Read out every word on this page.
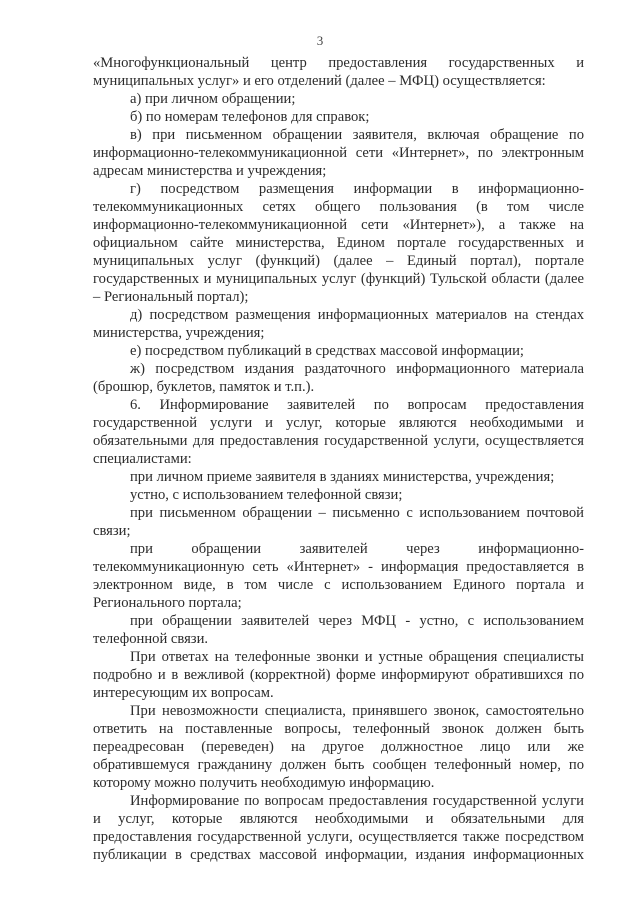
3

«Многофункциональный центр предоставления государственных и муниципальных услуг» и его отделений (далее – МФЦ) осуществляется:

а) при личном обращении;

б) по номерам телефонов для справок;

в) при письменном обращении заявителя, включая обращение по информационно-телекоммуникационной сети «Интернет», по электронным адресам министерства и учреждения;

г) посредством размещения информации в информационно-телекоммуникационных сетях общего пользования (в том числе информационно-телекоммуникационной сети «Интернет»), а также на официальном сайте министерства, Едином портале государственных и муниципальных услуг (функций) (далее – Единый портал), портале государственных и муниципальных услуг (функций) Тульской области (далее – Региональный портал);

д) посредством размещения информационных материалов на стендах министерства, учреждения;

е) посредством публикаций в средствах массовой информации;

ж) посредством издания раздаточного информационного материала (брошюр, буклетов, памяток и т.п.).

6. Информирование заявителей по вопросам предоставления государственной услуги и услуг, которые являются необходимыми и обязательными для предоставления государственной услуги, осуществляется специалистами:

при личном приеме заявителя в зданиях министерства, учреждения;

устно, с использованием телефонной связи;

при письменном обращении – письменно с использованием почтовой связи;

при обращении заявителей через информационно-телекоммуникационную сеть «Интернет» - информация предоставляется в электронном виде, в том числе с использованием Единого портала и Регионального портала;

при обращении заявителей через МФЦ - устно, с использованием телефонной связи.

При ответах на телефонные звонки и устные обращения специалисты подробно и в вежливой (корректной) форме информируют обратившихся по интересующим их вопросам.

При невозможности специалиста, принявшего звонок, самостоятельно ответить на поставленные вопросы, телефонный звонок должен быть переадресован (переведен) на другое должностное лицо или же обратившемуся гражданину должен быть сообщен телефонный номер, по которому можно получить необходимую информацию.

Информирование по вопросам предоставления государственной услуги и услуг, которые являются необходимыми и обязательными для предоставления государственной услуги, осуществляется также посредством публикации в средствах массовой информации, издания информационных
